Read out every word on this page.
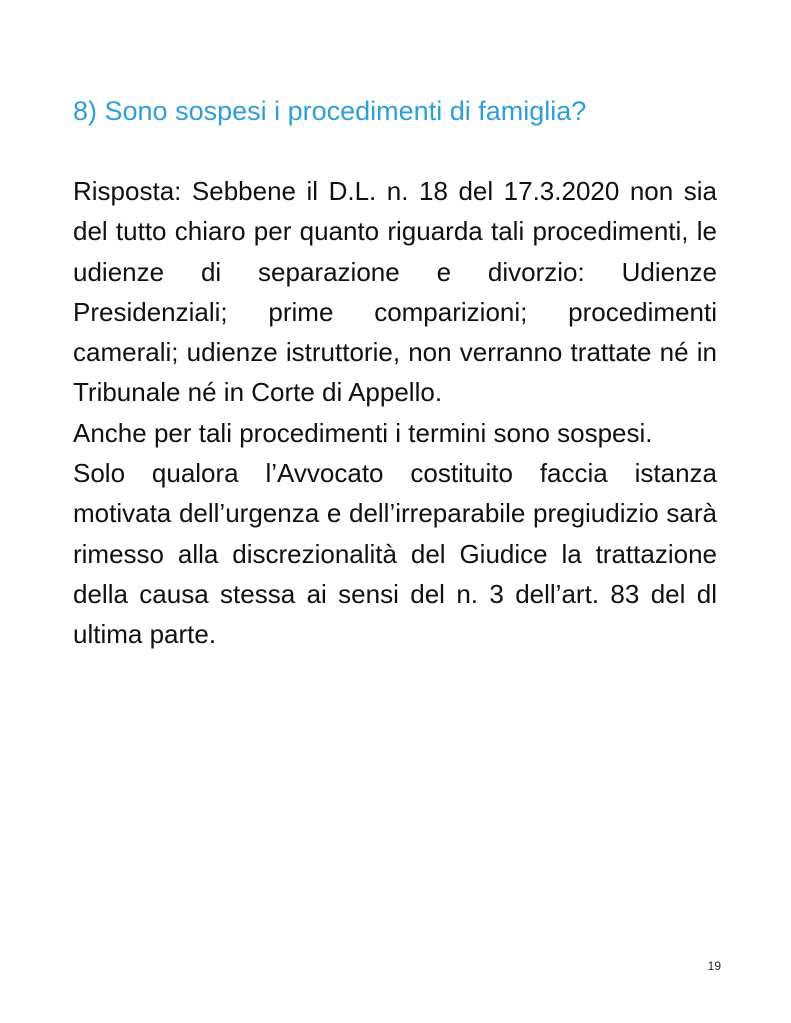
8) Sono sospesi i procedimenti di famiglia?

Risposta: Sebbene il D.L. n. 18 del 17.3.2020 non sia del tutto chiaro per quanto riguarda tali procedimenti, le udienze di separazione e divorzio: Udienze Presidenziali; prime comparizioni; procedimenti camerali; udienze istruttorie, non verranno trattate né in Tribunale né in Corte di Appello.

Anche per tali procedimenti i termini sono sospesi.

Solo qualora l’Avvocato costituito faccia istanza motivata dell’urgenza e dell’irreparabile pregiudizio sarà rimesso alla discrezionalità del Giudice la trattazione della causa stessa ai sensi del n. 3 dell’art. 83 del dl ultima parte.

19
